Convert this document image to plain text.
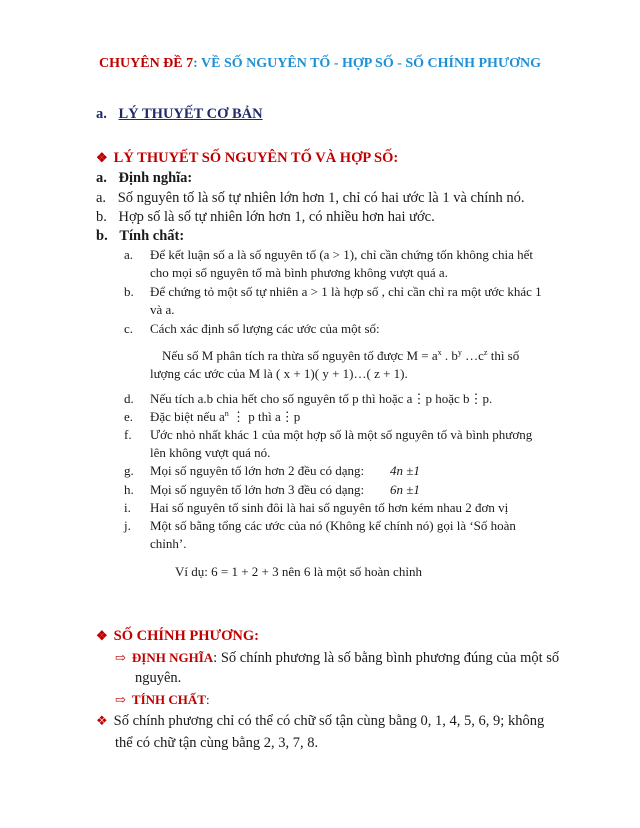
CHUYÊN ĐỀ 7: VỀ SỐ NGUYÊN TỐ - HỢP SỐ - SỐ CHÍNH PHƯƠNG
a. LÝ THUYẾT CƠ BẢN
❖ LÝ THUYẾT SỐ NGUYÊN TỐ VÀ HỢP SỐ:
a. Định nghĩa:
a. Số nguyên tố là số tự nhiên lớn hơn 1, chỉ có hai ước là 1 và chính nó.
b. Hợp số là số tự nhiên lớn hơn 1, có nhiều hơn hai ước.
b. Tính chất:
a. Để kết luận số a là số nguyên tố (a > 1), chỉ cần chứng tốn không chia hết
cho mọi số nguyên tố mà bình phương không vượt quá a.
b. Để chứng tỏ một số tự nhiên a > 1 là hợp số , chỉ cần chỉ ra một ước khác 1
và a.
c. Cách xác định số lượng các ước của một số:
Nếu số M phân tích ra thừa số nguyên tố được $M = a^x$ . $b^y$ $\dots c^z$ thì số
lượng các ước của M là ( x + 1)( y + 1)…( z + 1).
d. Nếu tích a.b chia hết cho số nguyên tố p thì hoặc a⋮p hoặc b⋮p.
e. Đặc biệt nếu $a^n$ ⋮ p thì a⋮p
f. Ước nhỏ nhất khác 1 của một hợp số là một số nguyên tố và bình phương
lên không vượt quá nó.
g. Mọi số nguyên tố lớn hơn 2 đều có dạng: 4n ±1
h. Mọi số nguyên tố lớn hơn 3 đều có dạng: 6n ±1
i. Hai số nguyên tố sinh đôi là hai số nguyên tố hơn kém nhau 2 đơn vị
j. Một số bằng tổng các ước của nó (Không kể chính nó) gọi là ‘Số hoàn
chỉnh’.
Ví dụ: 6 = 1 + 2 + 3 nên 6 là một số hoàn chỉnh
❖ SỐ CHÍNH PHƯƠNG:
⇨ ĐỊNH NGHĨA: Số chính phương là số bằng bình phương đúng của một số
nguyên.
⇨ TÍNH CHẤT:
❖ Số chính phương chỉ có thể có chữ số tận cùng bằng 0, 1, 4, 5, 6, 9; không
thể có chữ tận cùng bằng 2, 3, 7, 8.
